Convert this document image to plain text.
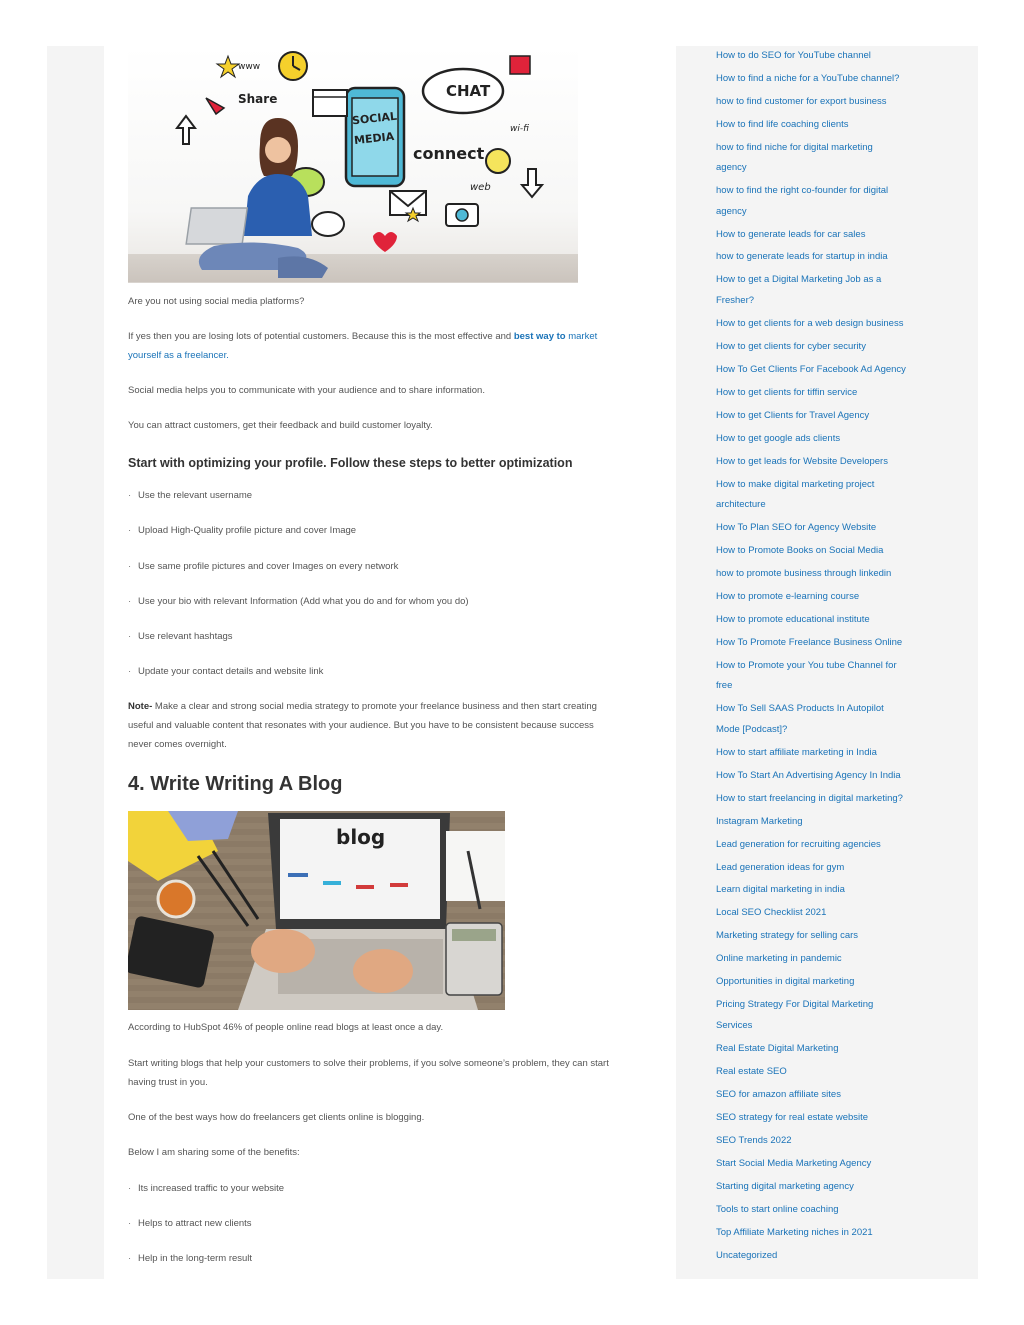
CHAT
SOCIAL
MEDIA
connect
Share
web
wi-fi
www
Are you not using social media platforms?
If yes then you are losing lots of potential customers. Because this is the most effective and best way to market
yourself as a freelancer.
Social media helps you to communicate with your audience and to share information.
You can attract customers, get their feedback and build customer loyalty.
Start with optimizing your profile. Follow these steps to better optimization
· Use the relevant username
· Upload High-Quality profile picture and cover Image
· Use same profile pictures and cover Images on every network
· Use your bio with relevant Information (Add what you do and for whom you do)
· Use relevant hashtags
· Update your contact details and website link
Note- Make a clear and strong social media strategy to promote your freelance business and then start creating
useful and valuable content that resonates with your audience. But you have to be consistent because success
never comes overnight.
4. Write Writing A Blog
blog
According to HubSpot 46% of people online read blogs at least once a day.
Start writing blogs that help your customers to solve their problems, if you solve someone’s problem, they can start
having trust in you.
One of the best ways how do freelancers get clients online is blogging.
Below I am sharing some of the benefits:
· Its increased traffic to your website
· Helps to attract new clients
· Help in the long-term result
How to do SEO for YouTube channel
How to find a niche for a YouTube channel?
how to find customer for export business
How to find life coaching clients
how to find niche for digital marketing
agency
how to find the right co-founder for digital
agency
How to generate leads for car sales
how to generate leads for startup in india
How to get a Digital Marketing Job as a
Fresher?
How to get clients for a web design business
How to get clients for cyber security
How To Get Clients For Facebook Ad Agency
How to get clients for tiffin service
How to get Clients for Travel Agency
How to get google ads clients
How to get leads for Website Developers
How to make digital marketing project
architecture
How To Plan SEO for Agency Website
How to Promote Books on Social Media
how to promote business through linkedin
How to promote e-learning course
How to promote educational institute
How To Promote Freelance Business Online
How to Promote your You tube Channel for
free
How To Sell SAAS Products In Autopilot
Mode [Podcast]?
How to start affiliate marketing in India
How To Start An Advertising Agency In India
How to start freelancing in digital marketing?
Instagram Marketing
Lead generation for recruiting agencies
Lead generation ideas for gym
Learn digital marketing in india
Local SEO Checklist 2021
Marketing strategy for selling cars
Online marketing in pandemic
Opportunities in digital marketing
Pricing Strategy For Digital Marketing
Services
Real Estate Digital Marketing
Real estate SEO
SEO for amazon affiliate sites
SEO strategy for real estate website
SEO Trends 2022
Start Social Media Marketing Agency
Starting digital marketing agency
Tools to start online coaching
Top Affiliate Marketing niches in 2021
Uncategorized
